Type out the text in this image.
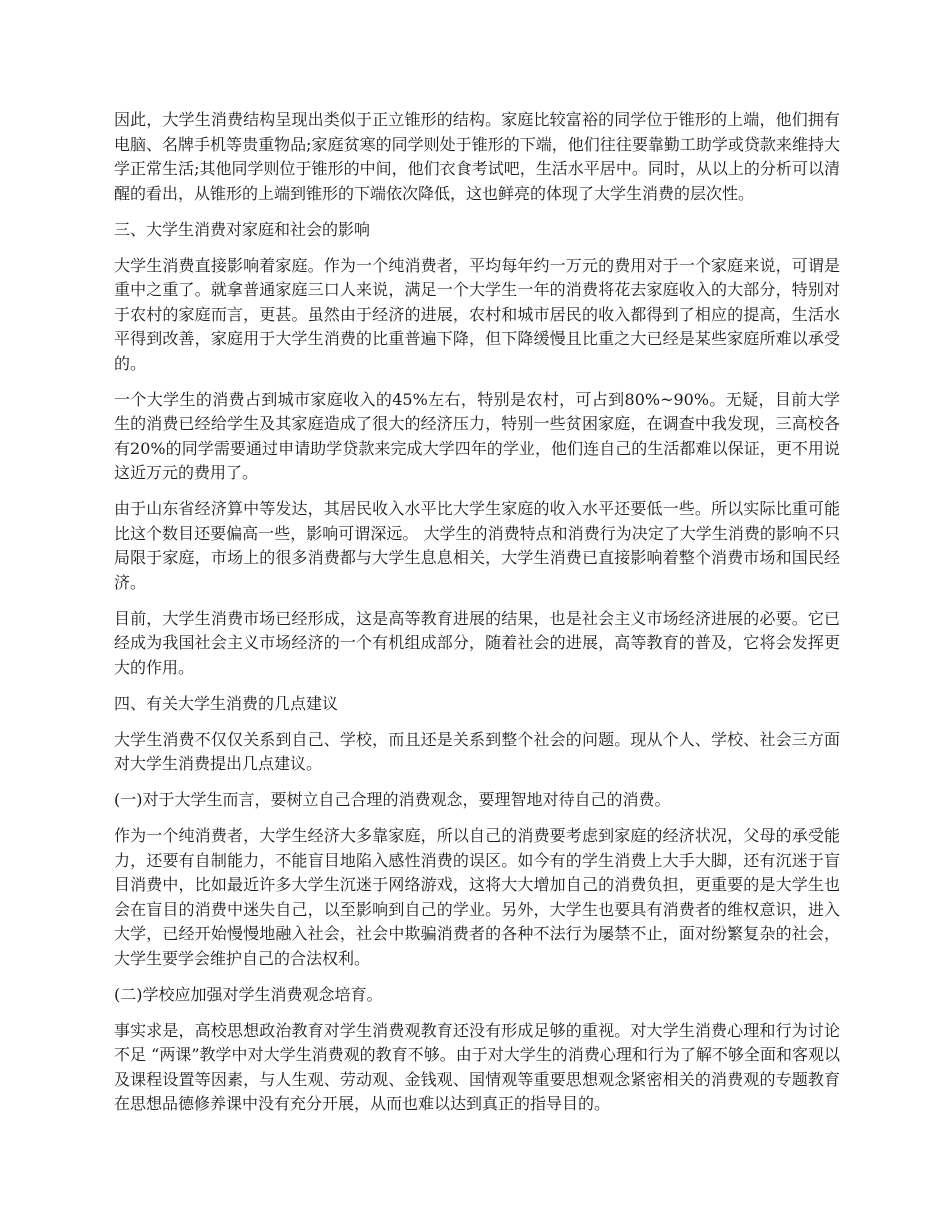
因此，大学生消费结构呈现出类似于正立锥形的结构。家庭比较富裕的同学位于锥形的上端，他们拥有电脑、名牌手机等贵重物品;家庭贫寒的同学则处于锥形的下端，他们往往要靠勤工助学或贷款来维持大学正常生活;其他同学则位于锥形的中间，他们衣食考试吧，生活水平居中。同时，从以上的分析可以清醒的看出，从锥形的上端到锥形的下端依次降低，这也鲜亮的体现了大学生消费的层次性。

三、大学生消费对家庭和社会的影响

大学生消费直接影响着家庭。作为一个纯消费者，平均每年约一万元的费用对于一个家庭来说，可谓是重中之重了。就拿普通家庭三口人来说，满足一个大学生一年的消费将花去家庭收入的大部分，特别对于农村的家庭而言，更甚。虽然由于经济的进展，农村和城市居民的收入都得到了相应的提高，生活水平得到改善，家庭用于大学生消费的比重普遍下降，但下降缓慢且比重之大已经是某些家庭所难以承受的。

一个大学生的消费占到城市家庭收入的45%左右，特别是农村，可占到80%~90%。无疑，目前大学生的消费已经给学生及其家庭造成了很大的经济压力，特别一些贫困家庭，在调查中我发现，三高校各有20%的同学需要通过申请助学贷款来完成大学四年的学业，他们连自己的生活都难以保证，更不用说这近万元的费用了。

由于山东省经济算中等发达，其居民收入水平比大学生家庭的收入水平还要低一些。所以实际比重可能比这个数目还要偏高一些，影响可谓深远。 大学生的消费特点和消费行为决定了大学生消费的影响不只局限于家庭，市场上的很多消费都与大学生息息相关，大学生消费已直接影响着整个消费市场和国民经济。

目前，大学生消费市场已经形成，这是高等教育进展的结果，也是社会主义市场经济进展的必要。它已经成为我国社会主义市场经济的一个有机组成部分，随着社会的进展，高等教育的普及，它将会发挥更大的作用。

四、有关大学生消费的几点建议

大学生消费不仅仅关系到自己、学校，而且还是关系到整个社会的问题。现从个人、学校、社会三方面对大学生消费提出几点建议。

(一)对于大学生而言，要树立自己合理的消费观念，要理智地对待自己的消费。

作为一个纯消费者，大学生经济大多靠家庭，所以自己的消费要考虑到家庭的经济状况，父母的承受能力，还要有自制能力，不能盲目地陷入感性消费的误区。如今有的学生消费上大手大脚，还有沉迷于盲目消费中，比如最近许多大学生沉迷于网络游戏，这将大大增加自己的消费负担，更重要的是大学生也会在盲目的消费中迷失自己，以至影响到自己的学业。另外，大学生也要具有消费者的维权意识，进入大学，已经开始慢慢地融入社会，社会中欺骗消费者的各种不法行为屡禁不止，面对纷繁复杂的社会，大学生要学会维护自己的合法权利。

(二)学校应加强对学生消费观念培育。

事实求是，高校思想政治教育对学生消费观教育还没有形成足够的重视。对大学生消费心理和行为讨论不足 “两课”教学中对大学生消费观的教育不够。由于对大学生的消费心理和行为了解不够全面和客观以及课程设置等因素，与人生观、劳动观、金钱观、国情观等重要思想观念紧密相关的消费观的专题教育在思想品德修养课中没有充分开展，从而也难以达到真正的指导目的。
